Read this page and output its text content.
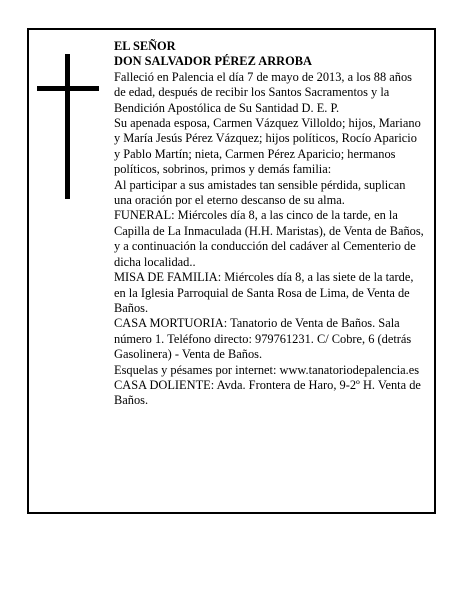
EL SEÑOR

DON SALVADOR PÉREZ ARROBA

Falleció en Palencia el día 7 de mayo de 2013, a los 88 años de edad, después de recibir los Santos Sacramentos y la Bendición Apostólica de Su Santidad D. E. P.

Su apenada esposa, Carmen Vázquez Villoldo; hijos, Mariano y María Jesús Pérez Vázquez; hijos políticos, Rocío Aparicio y Pablo Martín; nieta, Carmen Pérez Aparicio; hermanos políticos, sobrinos, primos y demás familia:

Al participar a sus amistades tan sensible pérdida, suplican una oración por el eterno descanso de su alma.

FUNERAL: Miércoles día 8, a las cinco de la tarde, en la Capilla de La Inmaculada (H.H. Maristas), de Venta de Baños, y a continuación la conducción del cadáver al Cementerio de dicha localidad..

MISA DE FAMILIA: Miércoles día 8, a las siete de la tarde, en la Iglesia Parroquial de Santa Rosa de Lima, de Venta de Baños.

CASA MORTUORIA: Tanatorio de Venta de Baños. Sala número 1. Teléfono directo: 979761231. C/ Cobre, 6 (detrás Gasolinera) - Venta de Baños.

Esquelas y pésames por internet: www.tanatoriodepalencia.es

CASA DOLIENTE: Avda. Frontera de Haro, 9-2º H. Venta de Baños.
